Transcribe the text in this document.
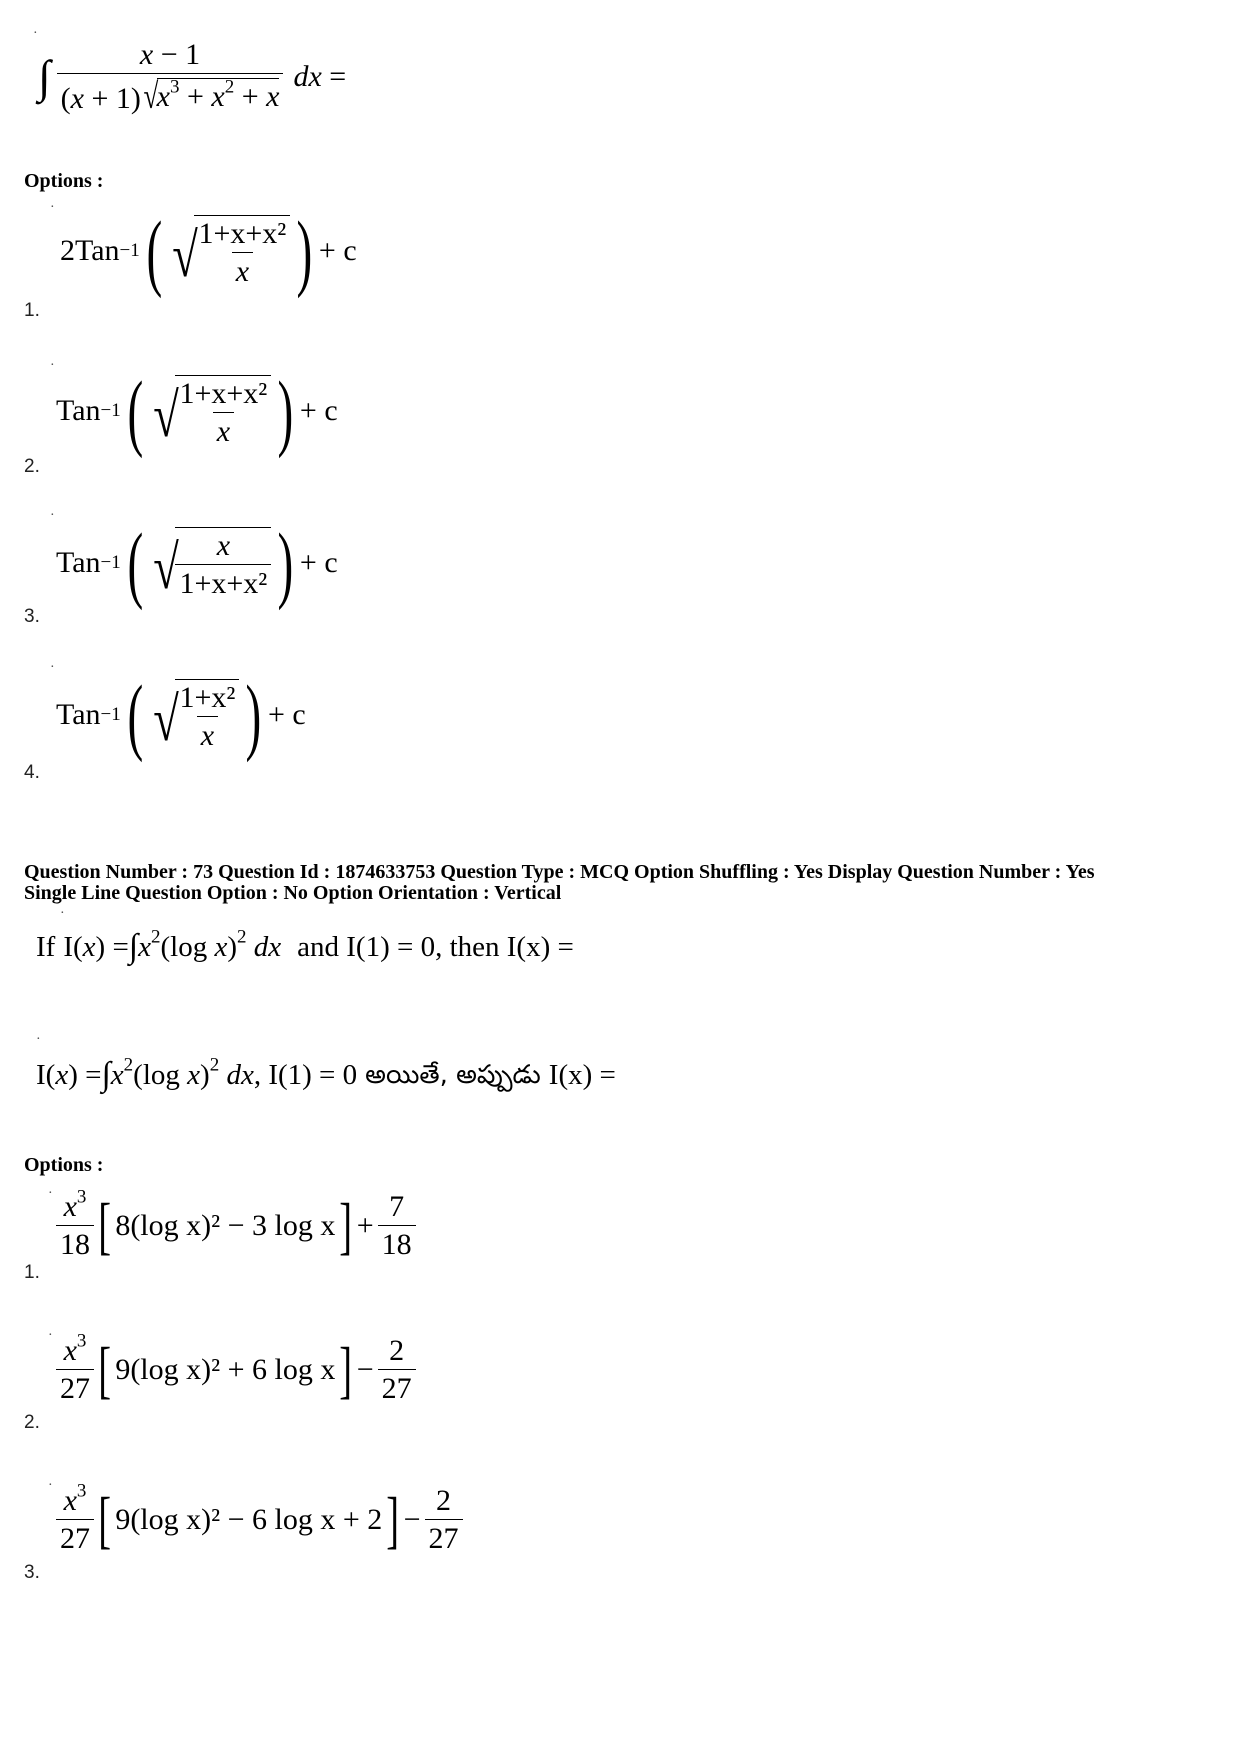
·
∫ x − 1
(x + 1) √
$x^3 + x^2 + x$ dx =
Options :
·
2Tan −1 ( √
$\frac{\text{1+x+x²}}{x}$ ) + c
1.
·
Tan −1 ( √
$\frac{\text{1+x+x²}}{x}$ ) + c
2.
·
Tan −1 ( √
$\frac{x}{\text{1+x+x²}}$ ) + c
3.
·
Tan −1 ( √
$\frac{\text{1+x²}}{x}$ ) + c
4.
Question Number : 73 Question Id : 1874633753 Question Type : MCQ Option Shuffling : Yes Display Question Number : Yes
Single Line Question Option : No Option Orientation : Vertical
·
If I(x) = ∫ $x^2(\log$ x)$^2$ dx and I(1) = 0, then I(x) =
·
I(x) = ∫ $x^2(\log$ x)$^2$ dx , I(1) = 0 అయితే, అప్పుడు I(x) =
Options :
· $\frac{x^3}{18}$ [ 8(log x)² − 3 log x ] + $\frac{7}{18}$
1.
·
$\frac{x^3}{27}$ [ 9(log x)² + 6 log x ] − $\frac{2}{27}$
2.
·
$\frac{x^3}{27}$ [ 9(log x)² − 6 log x + 2 ] − $\frac{2}{27}$
3.
